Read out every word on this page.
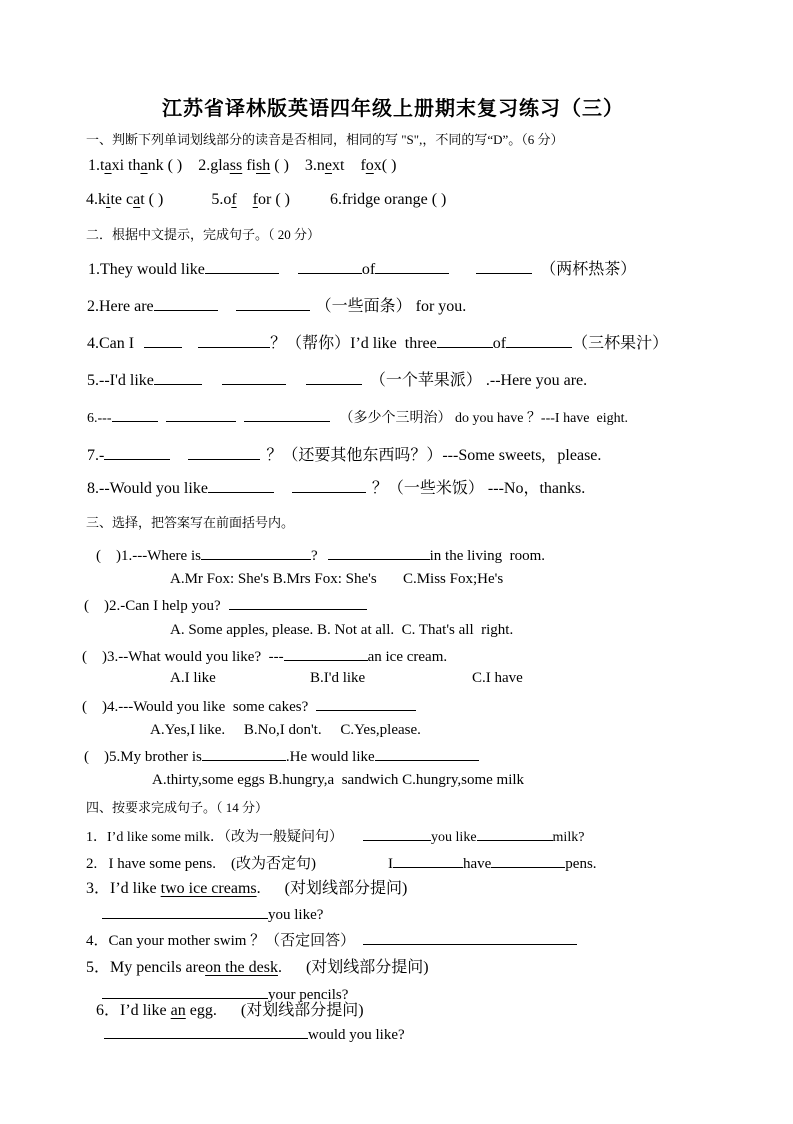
江苏省译林版英语四年级上册期末复习练习（三）
一、判断下列单词划线部分的读音是否相同，相同的写 "S",，不同的写“D”。（6 分）
1.taxi thank ( )    2.glass fish ( )    3.next    fox( )
4.kite cat ( )            5.of for ( )          6.fridge orange ( )
二．根据中文提示，完成句子。（ 20 分）
1.They would like	of	（两杯热茶）
2.Here are	（一些面条） for you.
4.Can I	？（帮你）I’d like  three	of	（三杯果汁）
5.--I'd like	（一个苹果派） .--Here you are.
6.---	（多少个三明治） do you have ？---I have  eight.
7.-	？（还要其他东西吗？）---Some sweets,   please.
8.--Would you like	？（一些米饭） ---No，thanks.
三、选择，把答案写在前面括号内。
(    )1.---Where is	?	in the living  room.
A.Mr Fox: She's B.Mrs Fox: She's       C.Miss Fox;He's
(    )2.-Can I help you?
A. Some apples, please. B. Not at all.  C. That's all  right.
(    )3.--What would you like?  ---	an ice cream.
A.I like	B.I'd like	C.I have
(    )4.---Would you like  some cakes?
A.Yes,I like.     B.No,I don't.     C.Yes,please.
(    )5.My brother is	.He would like
A.thirty,some eggs B.hungry,a  sandwich C.hungry,some milk
四、按要求完成句子。（ 14 分）
1．I’d like some milk．（改为一般疑问句）	you like	milk?
2.   I have some pens.    (改为否定句)	I	have	pens.
3．I’d like two ice creams.      (对划线部分提问)
you like?
4．Can your mother swim ？（否定回答）
5．My pencils areon the desk.      (对划线部分提问)
your pencils?
6．I’d like an egg.      (对划线部分提问)
would you like?
